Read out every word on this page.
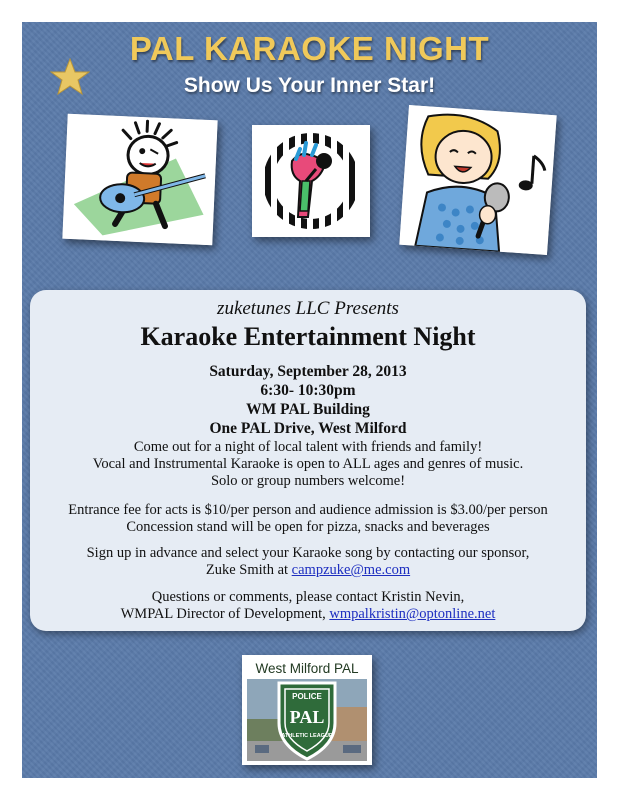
PAL KARAOKE NIGHT
Show Us Your Inner Star!
zuketunes LLC Presents
Karaoke Entertainment Night
Saturday, September 28, 2013
6:30- 10:30pm
WM PAL Building
One PAL Drive, West Milford
Come out for a night of local talent with friends and family!
Vocal and Instrumental Karaoke is open to ALL ages and genres of music.
Solo or group numbers welcome!
Entrance fee for acts is $10/per person and audience admission is $3.00/per person
Concession stand will be open for pizza, snacks and beverages
Sign up in advance and select your Karaoke song by contacting our sponsor,
Zuke Smith at campzuke@me.com
Questions or comments, please contact Kristin Nevin,
WMPAL Director of Development, wmpalkristin@optonline.net
West Milford PAL
POLICE
PAL
ATHLETIC LEAGUE
